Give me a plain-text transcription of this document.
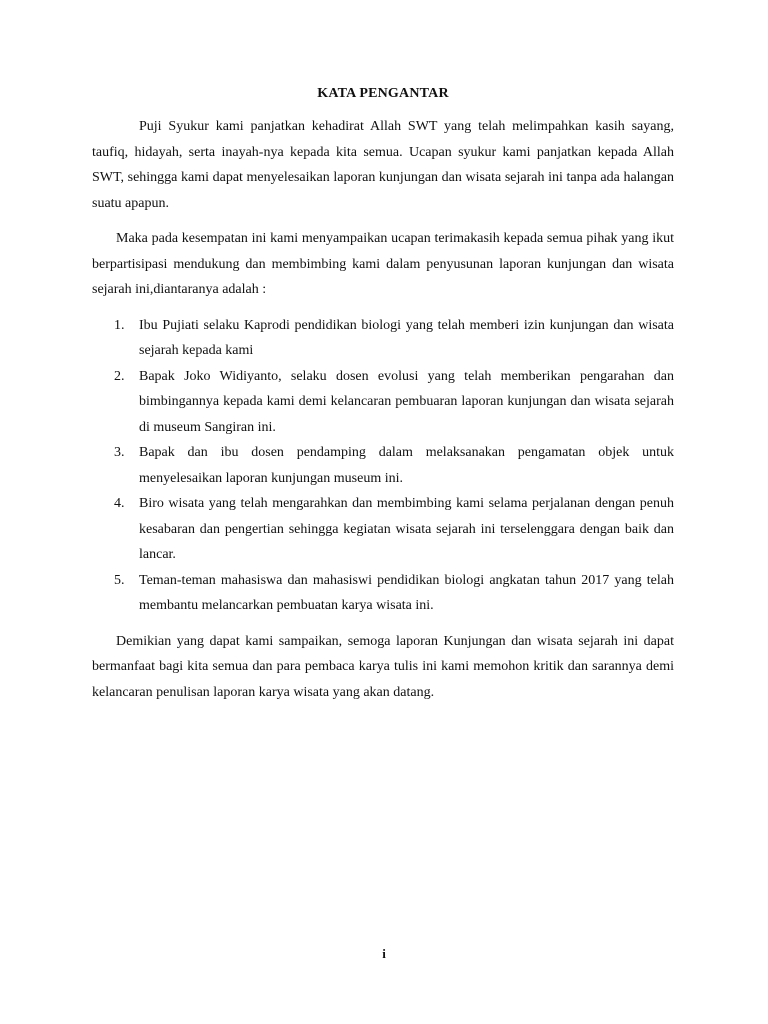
KATA PENGANTAR

Puji Syukur kami panjatkan kehadirat Allah SWT yang telah melimpahkan kasih sayang, taufiq, hidayah, serta inayah-nya kepada kita semua. Ucapan syukur kami panjatkan kepada Allah SWT, sehingga kami dapat menyelesaikan laporan kunjungan dan wisata sejarah ini tanpa ada halangan suatu apapun.

Maka pada kesempatan ini kami menyampaikan ucapan terimakasih kepada semua pihak yang ikut berpartisipasi mendukung dan membimbing kami dalam penyusunan laporan kunjungan dan wisata sejarah ini,diantaranya adalah :

1. Ibu Pujiati selaku Kaprodi pendidikan biologi yang telah memberi izin kunjungan dan wisata sejarah kepada kami
2. Bapak Joko Widiyanto, selaku dosen evolusi yang telah memberikan pengarahan dan bimbingannya kepada kami demi kelancaran pembuaran laporan kunjungan dan wisata sejarah di museum Sangiran ini.
3. Bapak dan ibu dosen pendamping dalam melaksanakan pengamatan objek untuk menyelesaikan laporan kunjungan museum ini.
4. Biro wisata yang telah mengarahkan dan membimbing kami selama perjalanan dengan penuh kesabaran dan pengertian sehingga kegiatan wisata sejarah ini terselenggara dengan baik dan lancar.
5. Teman-teman mahasiswa dan mahasiswi pendidikan biologi angkatan tahun 2017 yang telah membantu melancarkan pembuatan karya wisata ini.

Demikian yang dapat kami sampaikan, semoga laporan Kunjungan dan wisata sejarah ini dapat bermanfaat bagi kita semua dan para pembaca karya tulis ini kami memohon kritik dan sarannya demi kelancaran penulisan laporan karya wisata yang akan datang.

i
